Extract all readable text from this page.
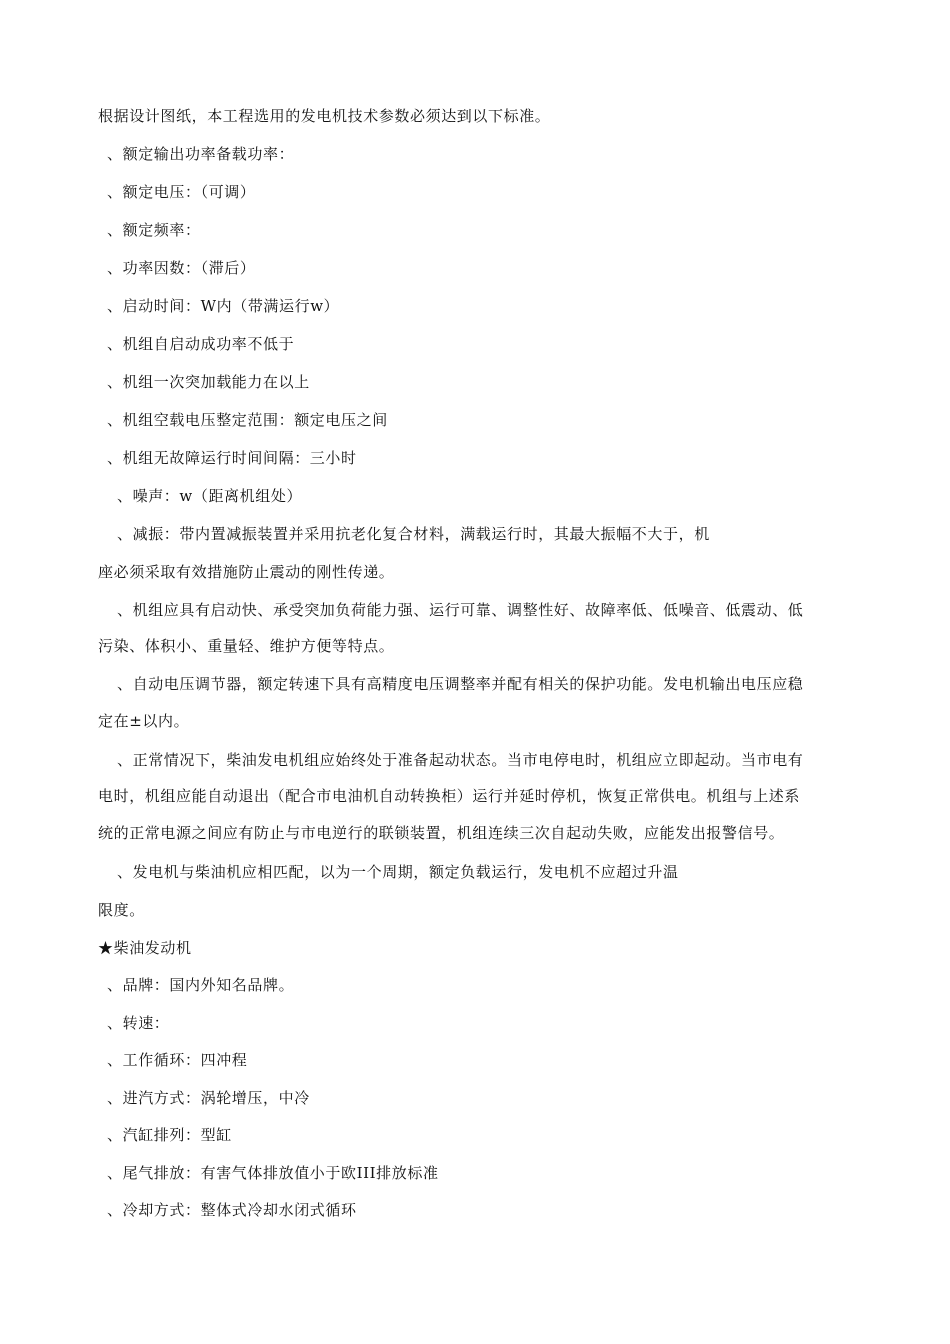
根据设计图纸，本工程选用的发电机技术参数必须达到以下标准。
、额定输出功率备载功率：
、额定电压：（可调）
、额定频率：
、功率因数：（滞后）
、启动时间：W内（带满运行w）
、机组自启动成功率不低于
、机组一次突加载能力在以上
、机组空载电压整定范围：额定电压之间
、机组无故障运行时间间隔：三小时
、噪声：w（距离机组处）
、减振：带内置减振装置并采用抗老化复合材料，满载运行时，其最大振幅不大于，机
座必须采取有效措施防止震动的刚性传递。
、机组应具有启动快、承受突加负荷能力强、运行可靠、调整性好、故障率低、低噪音、低震动、低
污染、体积小、重量轻、维护方便等特点。
、自动电压调节器，额定转速下具有高精度电压调整率并配有相关的保护功能。发电机输出电压应稳
定在±以内。
、正常情况下，柴油发电机组应始终处于准备起动状态。当市电停电时，机组应立即起动。当市电有
电时，机组应能自动退出（配合市电油机自动转换柜）运行并延时停机，恢复正常供电。机组与上述系
统的正常电源之间应有防止与市电逆行的联锁装置，机组连续三次自起动失败，应能发出报警信号。
、发电机与柴油机应相匹配，以为一个周期，额定负载运行，发电机不应超过升温
限度。
★柴油发动机
、品牌：国内外知名品牌。
、转速：
、工作循环：四冲程
、进汽方式：涡轮增压，中冷
、汽缸排列：型缸
、尾气排放：有害气体排放值小于欧III排放标准
、冷却方式：整体式冷却水闭式循环
